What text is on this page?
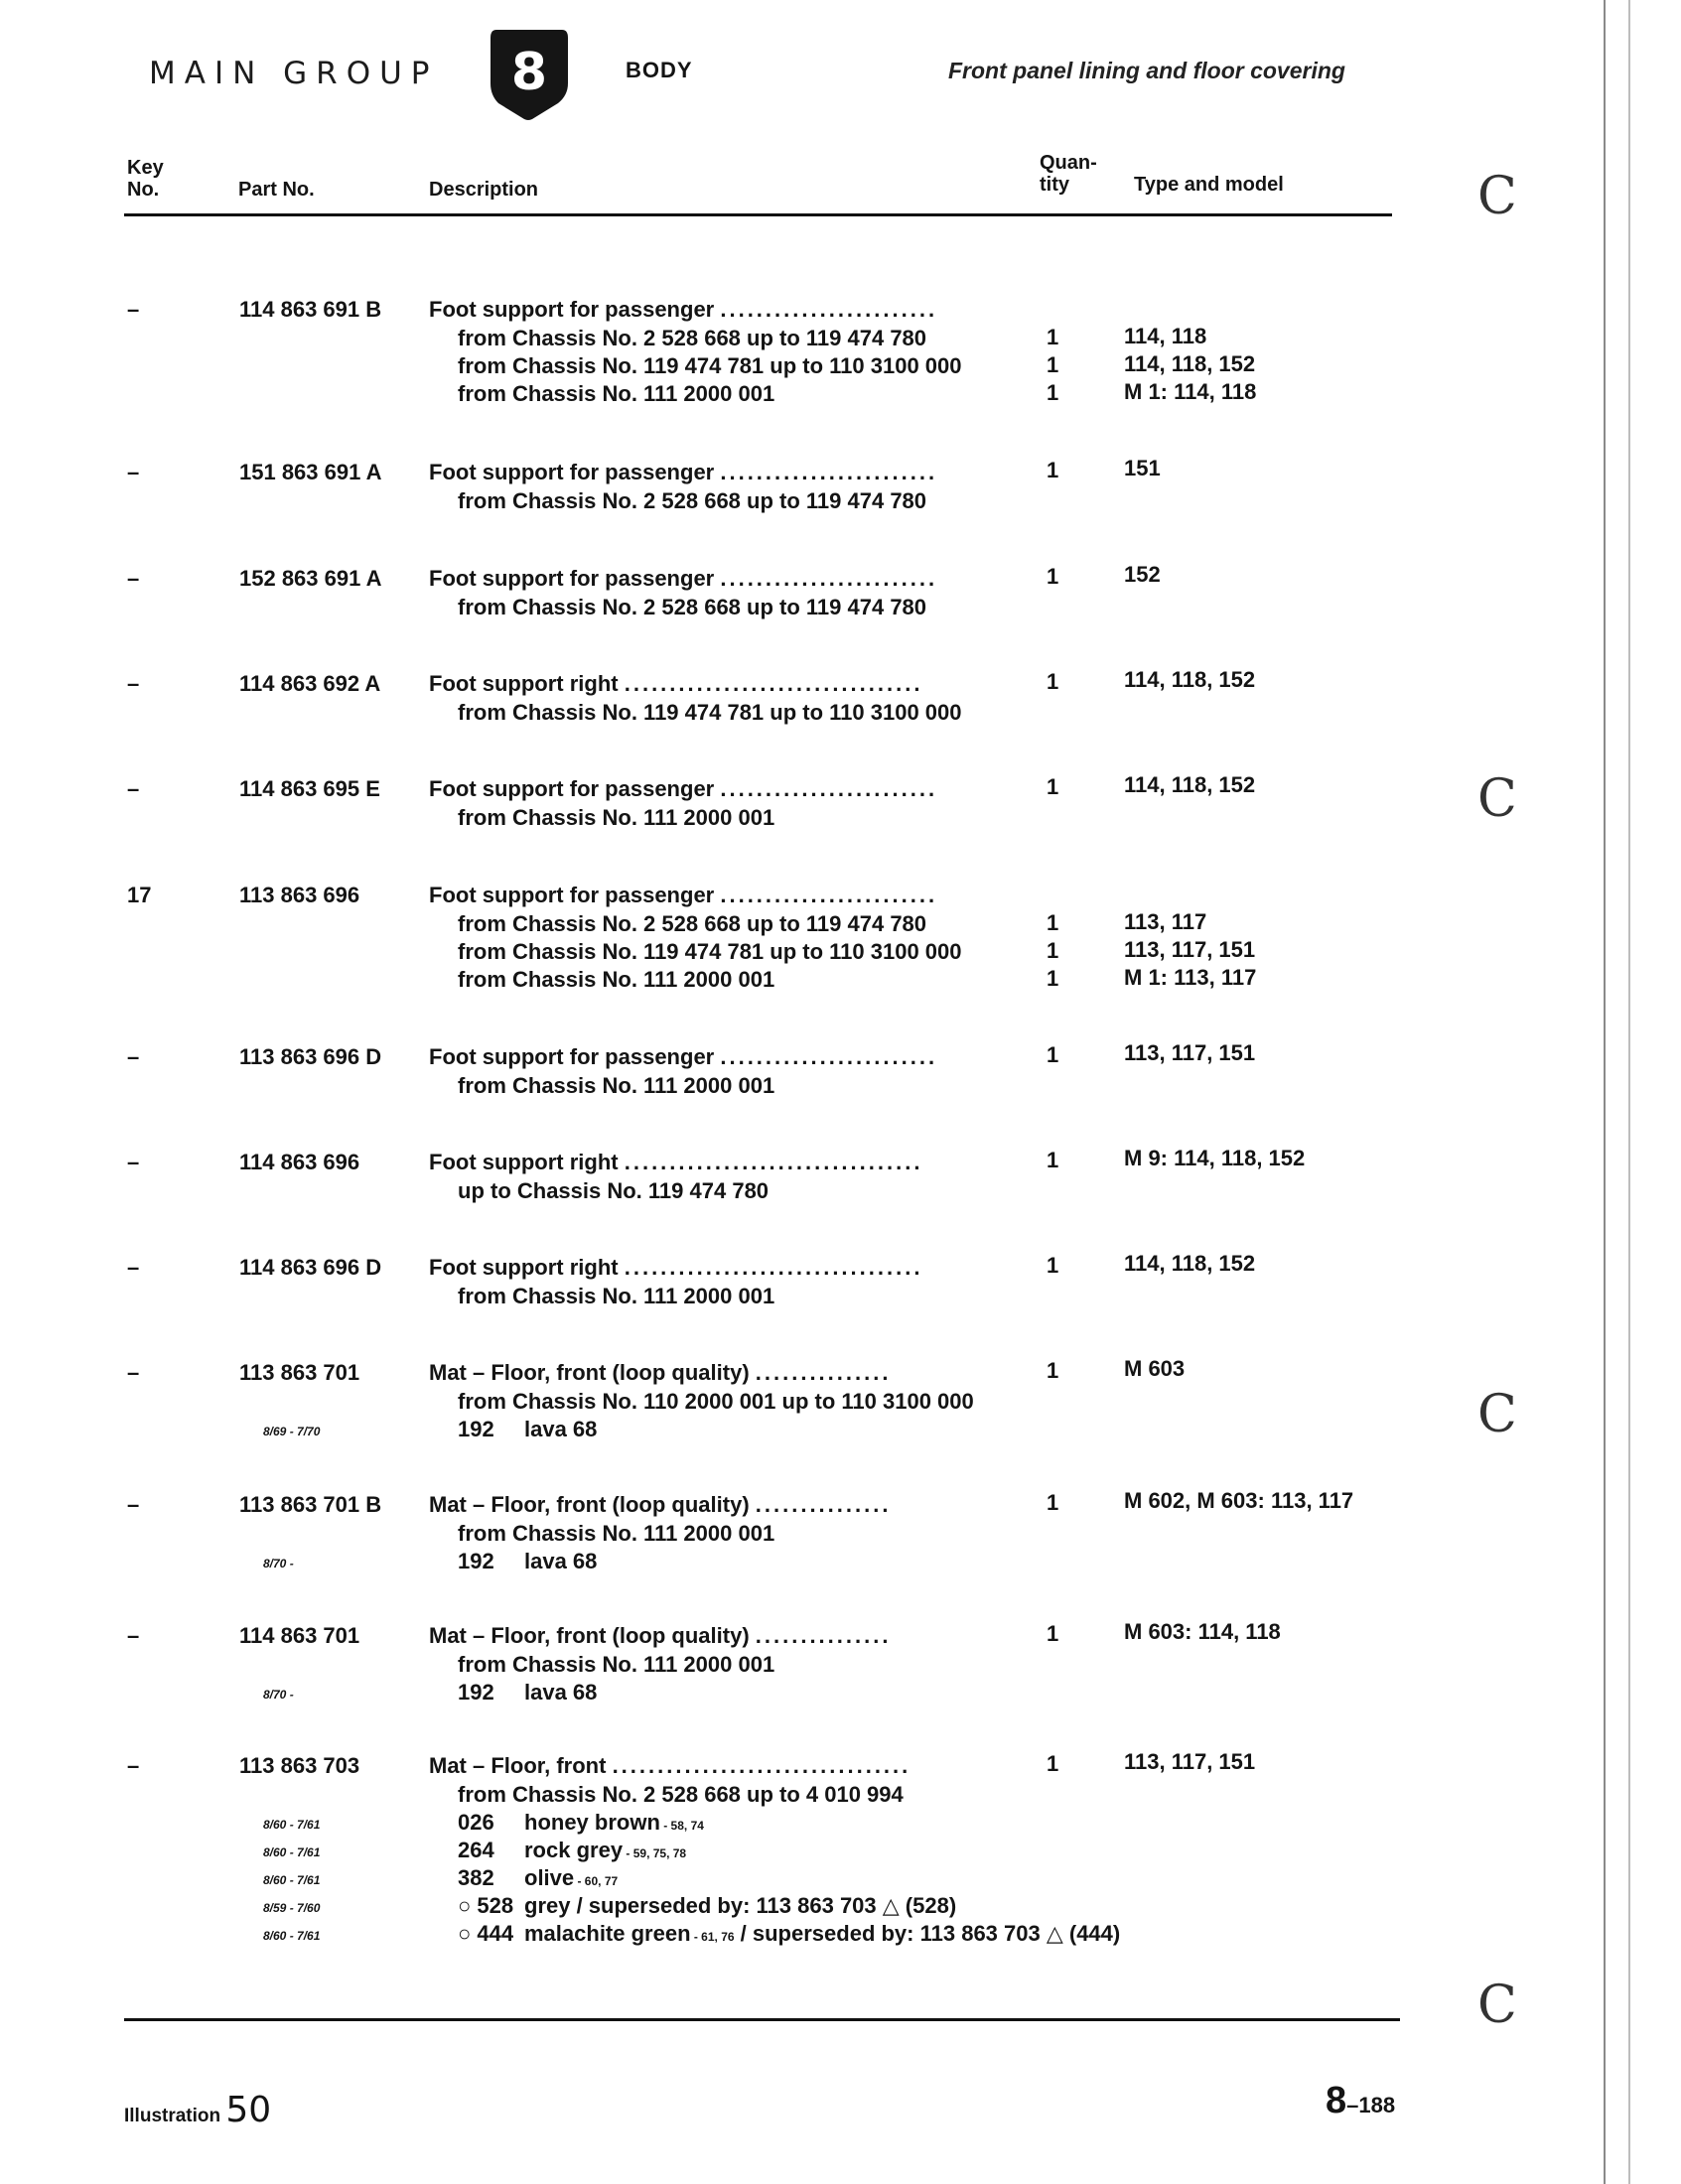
MAIN GROUP 8	BODY	Front panel lining and floor covering
Key No.	Part No.	Description
Quan- tity	Type and model
–	114 863 691 B Foot support for passenger ........................
from Chassis No. 2 528 668 up to 119 474 780	1	114, 118
from Chassis No. 119 474 781 up to 110 3100 000	1	114, 118, 152
from Chassis No. 111 2000 001	1	M 1: 114, 118
–	151 863 691 A Foot support for passenger ........................	1	151
from Chassis No. 2 528 668 up to 119 474 780
–	152 863 691 A Foot support for passenger ........................	1	152
from Chassis No. 2 528 668 up to 119 474 780
–	114 863 692 A Foot support right .................................	1	114, 118, 152
from Chassis No. 119 474 781 up to 110 3100 000
–	114 863 695 E Foot support for passenger ........................	1	114, 118, 152
from Chassis No. 111 2000 001
17	113 863 696	Foot support for passenger ........................
from Chassis No. 2 528 668 up to 119 474 780	1	113, 117
from Chassis No. 119 474 781 up to 110 3100 000	1	113, 117, 151
from Chassis No. 111 2000 001	1	M 1: 113, 117
–	113 863 696 D Foot support for passenger ........................	1	113, 117, 151
from Chassis No. 111 2000 001
–	114 863 696	Foot support right .................................	1	M 9: 114, 118, 152
up to Chassis No. 119 474 780
–	114 863 696 D Foot support right .................................	1	114, 118, 152
from Chassis No. 111 2000 001
–	113 863 701	Mat – Floor, front (loop quality) ...............	1	M 603
from Chassis No. 110 2000 001 up to 110 3100 000
8/69 - 7/70	192 lava 68
–	113 863 701 B Mat – Floor, front (loop quality) ...............	1	M 602, M 603: 113, 117
from Chassis No. 111 2000 001
8/70 -	192 lava 68
–	114 863 701	Mat – Floor, front (loop quality) ...............	1	M 603: 114, 118
from Chassis No. 111 2000 001
8/70 -	192 lava 68
–	113 863 703	Mat – Floor, front .................................	1	113, 117, 151
from Chassis No. 2 528 668 up to 4 010 994
8/60 - 7/61	026 honey brown - 58, 74
8/60 - 7/61	264 rock grey - 59, 75, 78
8/60 - 7/61	382 olive - 60, 77
8/59 - 7/60	○ 528 grey / superseded by: 113 863 703 △ (528)
8/60 - 7/61	○ 444 malachite green - 61, 76 / superseded by: 113 863 703 △ (444)
Illustration 50	8–188
C
C
C
C
